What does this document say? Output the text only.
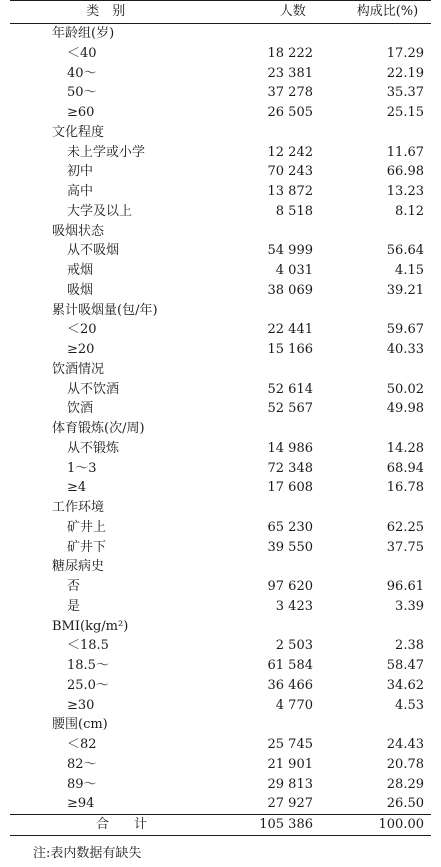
类　别	人数	构成比(%)
年龄组(岁)
＜40	18 222	17.29
40～	23 381	22.19
50～	37 278	35.37
≥60	26 505	25.15
文化程度
未上学或小学	12 242	11.67
初中	70 243	66.98
高中	13 872	13.23
大学及以上	8 518	8.12
吸烟状态
从不吸烟	54 999	56.64
戒烟	4 031	4.15
吸烟	38 069	39.21
累计吸烟量(包/年)
＜20	22 441	59.67
≥20	15 166	40.33
饮酒情况
从不饮酒	52 614	50.02
饮酒	52 567	49.98
体育锻炼(次/周)
从不锻炼	14 986	14.28
1～3	72 348	68.94
≥4	17 608	16.78
工作环境
矿井上	65 230	62.25
矿井下	39 550	37.75
糖尿病史
否	97 620	96.61
是	3 423	3.39
BMI(kg/m²)
＜18.5	2 503	2.38
18.5～	61 584	58.47
25.0～	36 466	34.62
≥30	4 770	4.53
腰围(cm)
＜82	25 745	24.43
82～	21 901	20.78
89～	29 813	28.29
≥94	27 927	26.50
合　计	105 386	100.00
注:表内数据有缺失
